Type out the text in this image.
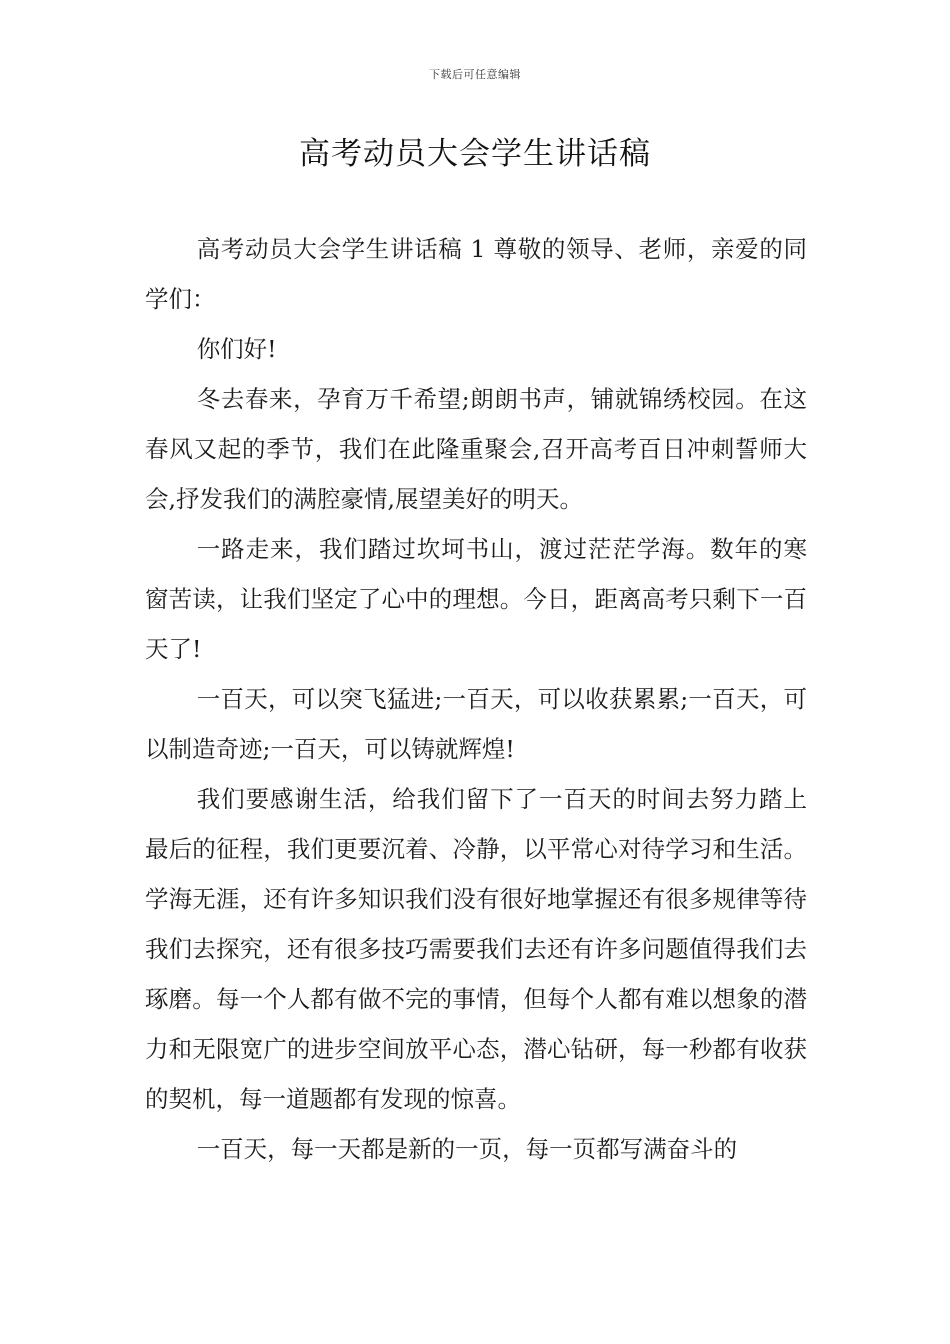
下载后可任意编辑
高考动员大会学生讲话稿

高考动员大会学生讲话稿 1 尊敬的领导、老师，亲爱的同学们：

你们好!

冬去春来，孕育万千希望;朗朗书声，铺就锦绣校园。在这春风又起的季节，我们在此隆重聚会,召开高考百日冲刺誓师大会,抒发我们的满腔豪情,展望美好的明天。

一路走来，我们踏过坎坷书山，渡过茫茫学海。数年的寒窗苦读，让我们坚定了心中的理想。今日，距离高考只剩下一百天了!

一百天，可以突飞猛进;一百天，可以收获累累;一百天，可以制造奇迹;一百天，可以铸就辉煌!

我们要感谢生活，给我们留下了一百天的时间去努力踏上最后的征程，我们更要沉着、冷静，以平常心对待学习和生活。学海无涯，还有许多知识我们没有很好地掌握还有很多规律等待我们去探究，还有很多技巧需要我们去还有许多问题值得我们去琢磨。每一个人都有做不完的事情，但每个人都有难以想象的潜力和无限宽广的进步空间放平心态，潜心钻研，每一秒都有收获的契机，每一道题都有发现的惊喜。

一百天，每一天都是新的一页，每一页都写满奋斗的
